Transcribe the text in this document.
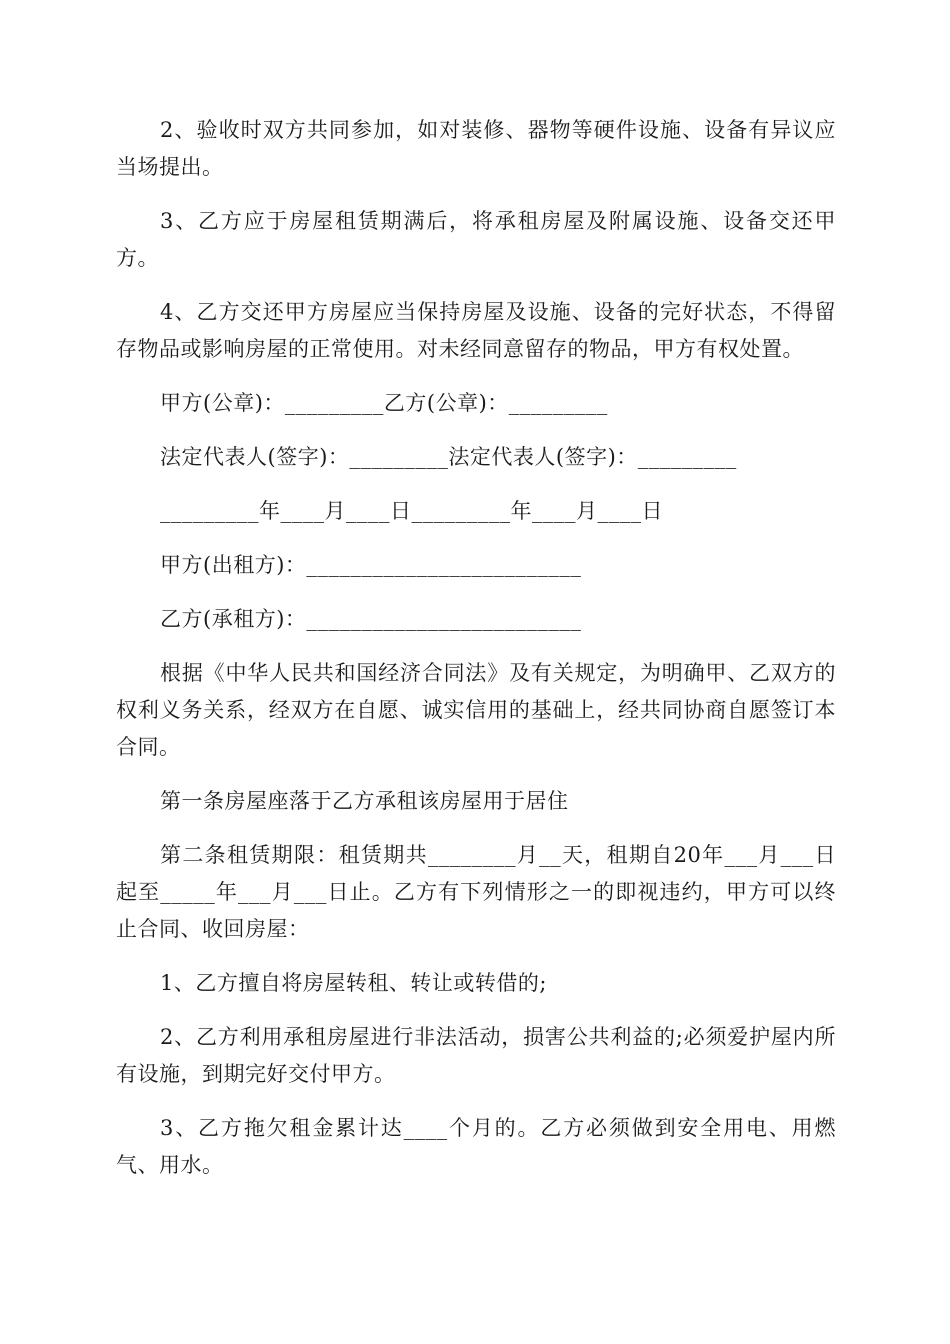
2、验收时双方共同参加，如对装修、器物等硬件设施、设备有异议应当场提出。

3、乙方应于房屋租赁期满后，将承租房屋及附属设施、设备交还甲方。

4、乙方交还甲方房屋应当保持房屋及设施、设备的完好状态，不得留存物品或影响房屋的正常使用。对未经同意留存的物品，甲方有权处置。

甲方(公章)：_________乙方(公章)：_________
法定代表人(签字)：_________法定代表人(签字)：_________
_________年____月____日_________年____月____日
甲方(出租方)：_________________________
乙方(承租方)：_________________________

根据《中华人民共和国经济合同法》及有关规定，为明确甲、乙双方的权利义务关系，经双方在自愿、诚实信用的基础上，经共同协商自愿签订本合同。

第一条房屋座落于乙方承租该房屋用于居住

第二条租赁期限：租赁期共________月__天，租期自20年___月___日起至_____年___月___日止。乙方有下列情形之一的即视违约，甲方可以终止合同、收回房屋：

1、乙方擅自将房屋转租、转让或转借的;

2、乙方利用承租房屋进行非法活动，损害公共利益的;必须爱护屋内所有设施，到期完好交付甲方。

3、乙方拖欠租金累计达____个月的。乙方必须做到安全用电、用燃气、用水。
